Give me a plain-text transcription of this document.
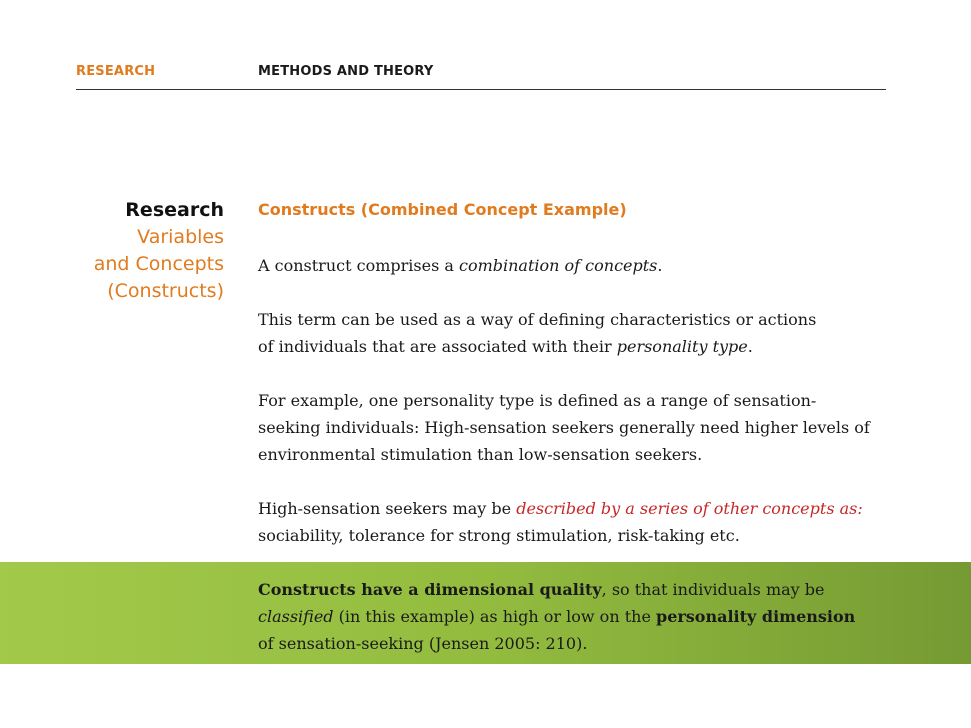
RESEARCH	METHODS AND THEORY
Research
Variables
and Concepts
(Constructs)
Constructs (Combined Concept Example)

A construct comprises a combination of concepts.

This term can be used as a way of defining characteristics or actions
of individuals that are associated with their personality type.

For example, one personality type is defined as a range of sensation-
seeking individuals: High-sensation seekers generally need higher levels of
environmental stimulation than low-sensation seekers.

High-sensation seekers may be described by a series of other concepts as:
sociability, tolerance for strong stimulation, risk-taking etc.

Constructs have a dimensional quality, so that individuals may be
classified (in this example) as high or low on the personality dimension
of sensation-seeking (Jensen 2005: 210).
